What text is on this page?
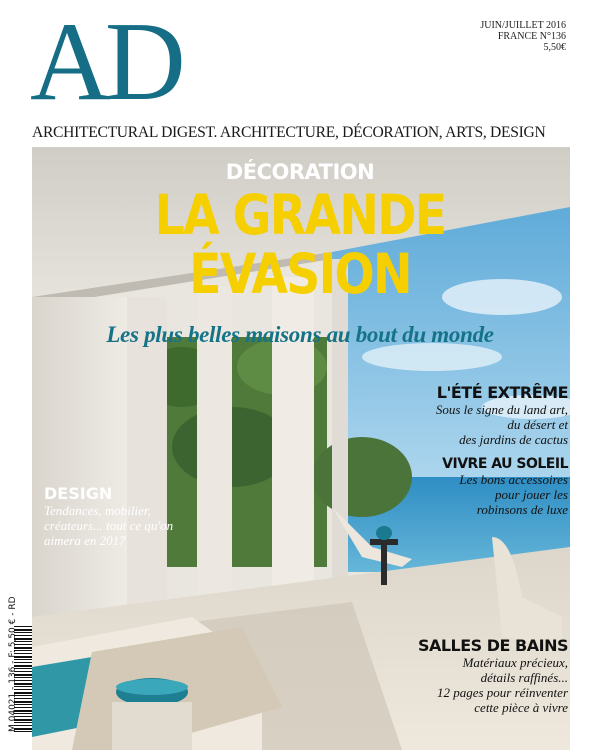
AD	JUIN/JUILLET 2016
FRANCE N°136
5,50€
ARCHITECTURAL DIGEST. ARCHITECTURE, DÉCORATION, ARTS, DESIGN
DÉCORATION
LA GRANDE
ÉVASION
Les plus belles maisons au bout du monde
L'ÉTÉ EXTRÊME
Sous le signe du land art,
du désert et
des jardins de cactus
VIVRE AU SOLEIL
Les bons accessoires
pour jouer les
robinsons de luxe
DESIGN
Tendances, mobilier,
créateurs... tout ce qu'on
aimera en 2017
SALLES DE BAINS
Matériaux précieux,
détails raffinés...
12 pages pour réinventer
cette pièce à vivre
M 04021 - 136 - F: 5,50 € - RD
